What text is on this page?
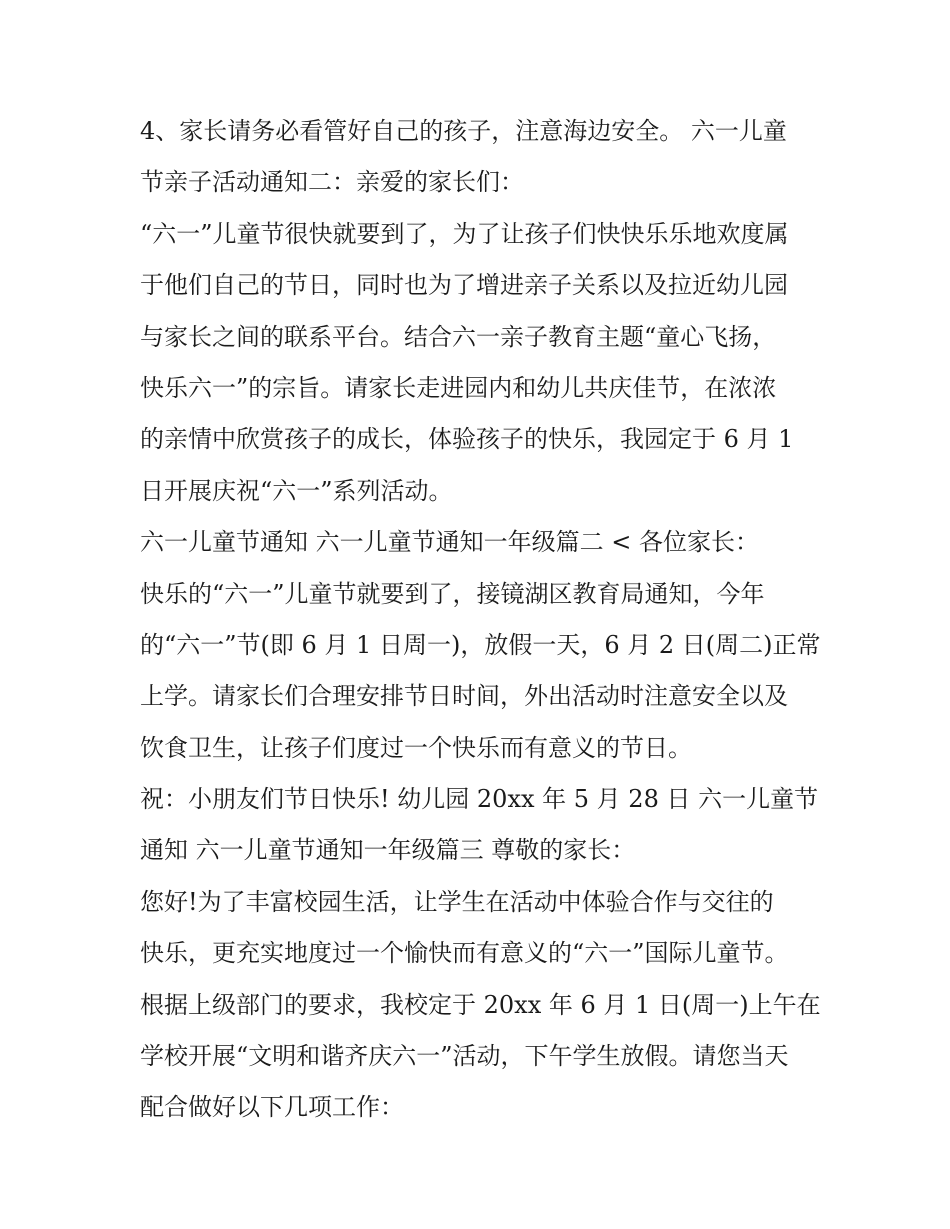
4、家长请务必看管好自己的孩子，注意海边安全。 六一儿童
节亲子活动通知二：亲爱的家长们：
“六一”儿童节很快就要到了，为了让孩子们快快乐乐地欢度属
于他们自己的节日，同时也为了增进亲子关系以及拉近幼儿园
与家长之间的联系平台。结合六一亲子教育主题“童心飞扬，
快乐六一”的宗旨。请家长走进园内和幼儿共庆佳节，在浓浓
的亲情中欣赏孩子的成长，体验孩子的快乐，我园定于 6 月 1
日开展庆祝“六一”系列活动。
六一儿童节通知 六一儿童节通知一年级篇二 < 各位家长：
快乐的“六一”儿童节就要到了，接镜湖区教育局通知，今年
的“六一”节(即 6 月 1 日周一)，放假一天，6 月 2 日(周二)正常
上学。请家长们合理安排节日时间，外出活动时注意安全以及
饮食卫生，让孩子们度过一个快乐而有意义的节日。
祝：小朋友们节日快乐! 幼儿园 20xx 年 5 月 28 日 六一儿童节
通知 六一儿童节通知一年级篇三 尊敬的家长：
您好!为了丰富校园生活，让学生在活动中体验合作与交往的
快乐，更充实地度过一个愉快而有意义的“六一”国际儿童节。
根据上级部门的要求，我校定于 20xx 年 6 月 1 日(周一)上午在
学校开展“文明和谐齐庆六一”活动，下午学生放假。请您当天
配合做好以下几项工作：
